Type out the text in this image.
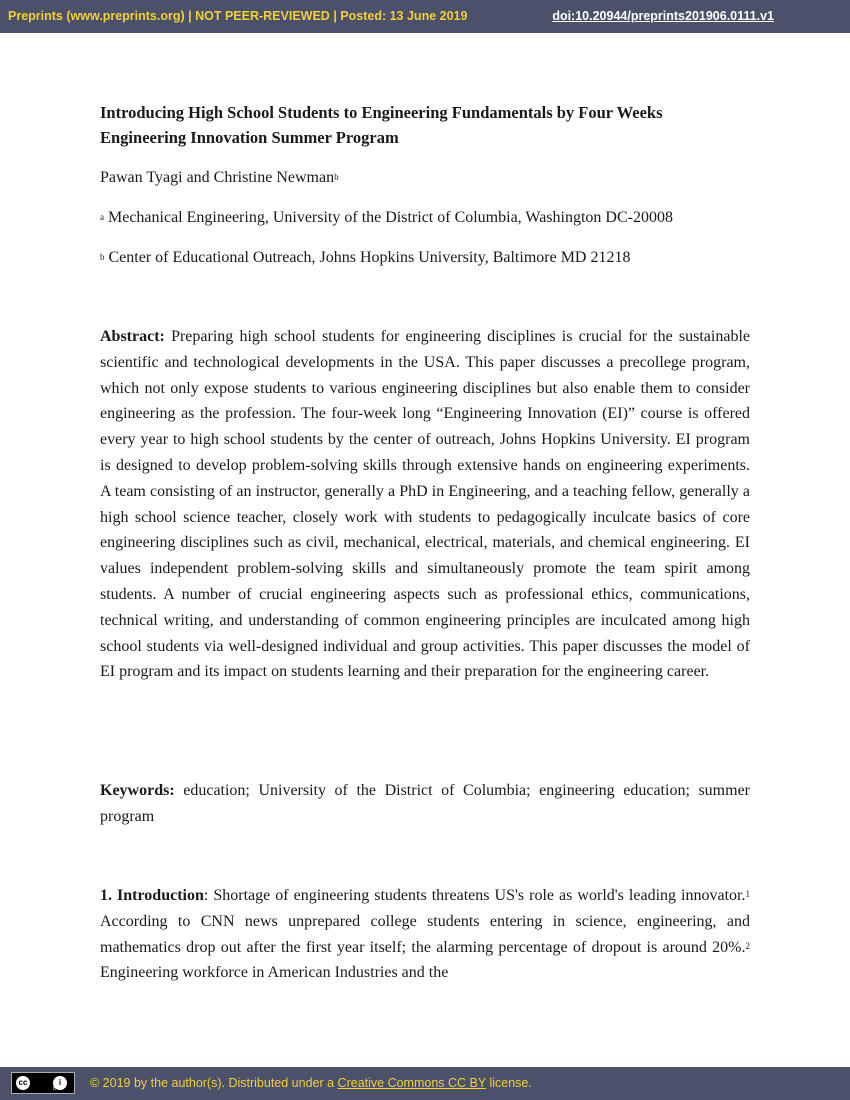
Preprints (www.preprints.org) | NOT PEER-REVIEWED | Posted: 13 June 2019	doi:10.20944/preprints201906.0111.v1
Introducing High School Students to Engineering Fundamentals by Four Weeks Engineering Innovation Summer Program
Pawan Tyagi and Christine Newman$^b$
$^a$ Mechanical Engineering, University of the District of Columbia, Washington DC-20008
$^b$ Center of Educational Outreach, Johns Hopkins University, Baltimore MD 21218
Abstract: Preparing high school students for engineering disciplines is crucial for the sustainable scientific and technological developments in the USA. This paper discusses a precollege program, which not only expose students to various engineering disciplines but also enable them to consider engineering as the profession. The four-week long “Engineering Innovation (EI)” course is offered every year to high school students by the center of outreach, Johns Hopkins University. EI program is designed to develop problem-solving skills through extensive hands on engineering experiments. A team consisting of an instructor, generally a PhD in Engineering, and a teaching fellow, generally a high school science teacher, closely work with students to pedagogically inculcate basics of core engineering disciplines such as civil, mechanical, electrical, materials, and chemical engineering. EI values independent problem-solving skills and simultaneously promote the team spirit among students. A number of crucial engineering aspects such as professional ethics, communications, technical writing, and understanding of common engineering principles are inculcated among high school students via well-designed individual and group activities. This paper discusses the model of EI program and its impact on students learning and their preparation for the engineering career.
Keywords: education; University of the District of Columbia; engineering education; summer program
1. Introduction: Shortage of engineering students threatens US's role as world's leading innovator.$^1$ According to CNN news unprepared college students entering in science, engineering, and mathematics drop out after the first year itself; the alarming percentage of dropout is around 20%.$^2$ Engineering workforce in American Industries and the
cc	i
BY © 2019 by the author(s). Distributed under a Creative Commons CC BY license.
